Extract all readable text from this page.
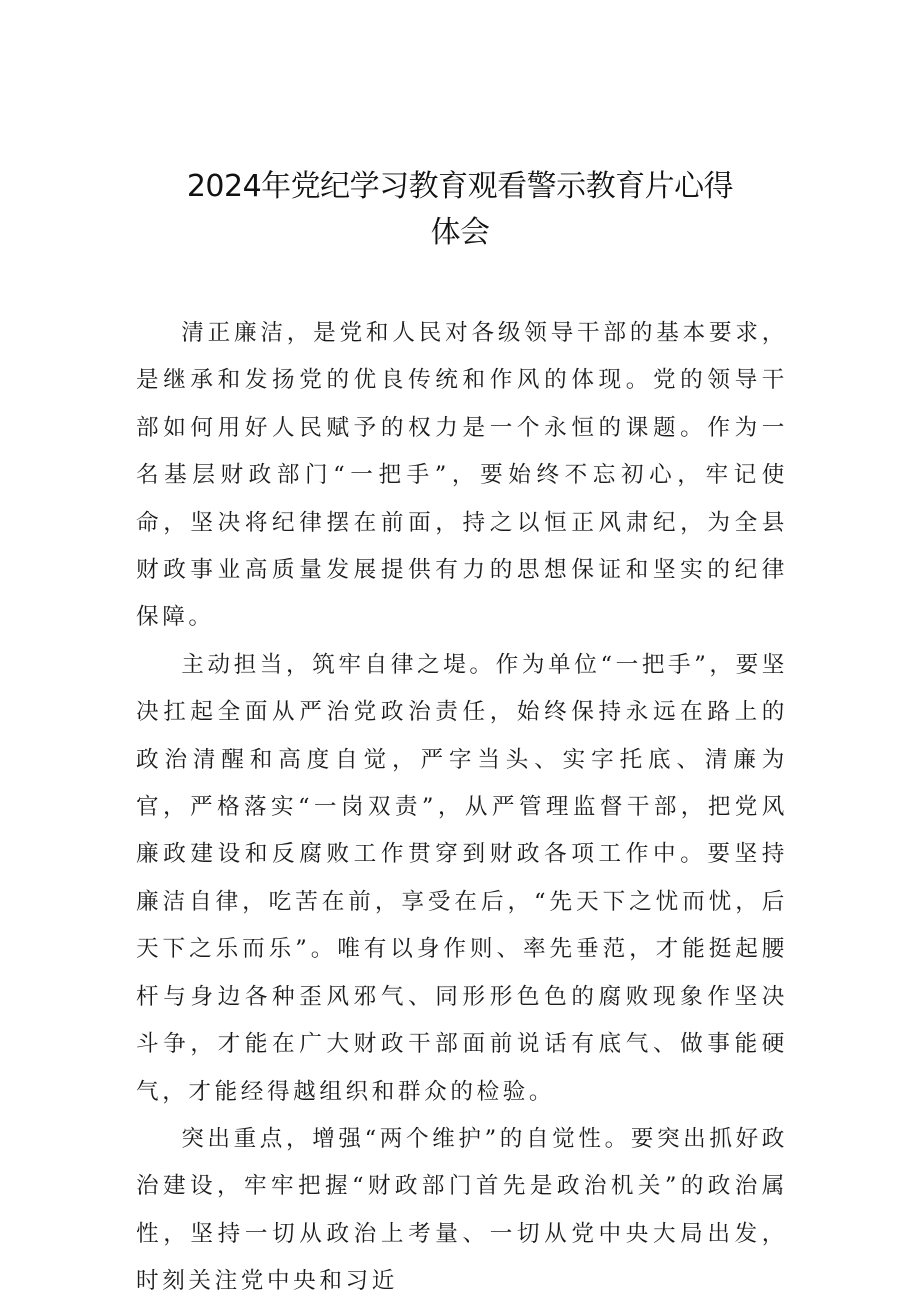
2024年党纪学习教育观看警示教育片心得
体会

清正廉洁，是党和人民对各级领导干部的基本要求，是继承和发扬党的优良传统和作风的体现。党的领导干部如何用好人民赋予的权力是一个永恒的课题。作为一名基层财政部门“一把手”，要始终不忘初心，牢记使命，坚决将纪律摆在前面，持之以恒正风肃纪，为全县财政事业高质量发展提供有力的思想保证和坚实的纪律保障。

主动担当，筑牢自律之堤。作为单位“一把手”，要坚决扛起全面从严治党政治责任，始终保持永远在路上的政治清醒和高度自觉，严字当头、实字托底、清廉为官，严格落实“一岗双责”，从严管理监督干部，把党风廉政建设和反腐败工作贯穿到财政各项工作中。要坚持廉洁自律，吃苦在前，享受在后，“先天下之忧而忧，后天下之乐而乐”。唯有以身作则、率先垂范，才能挺起腰杆与身边各种歪风邪气、同形形色色的腐败现象作坚决斗争，才能在广大财政干部面前说话有底气、做事能硬气，才能经得越组织和群众的检验。

突出重点，增强“两个维护”的自觉性。要突出抓好政治建设，牢牢把握“财政部门首先是政治机关”的政治属性，坚持一切从政治上考量、一切从党中央大局出发，时刻关注党中央和习近
